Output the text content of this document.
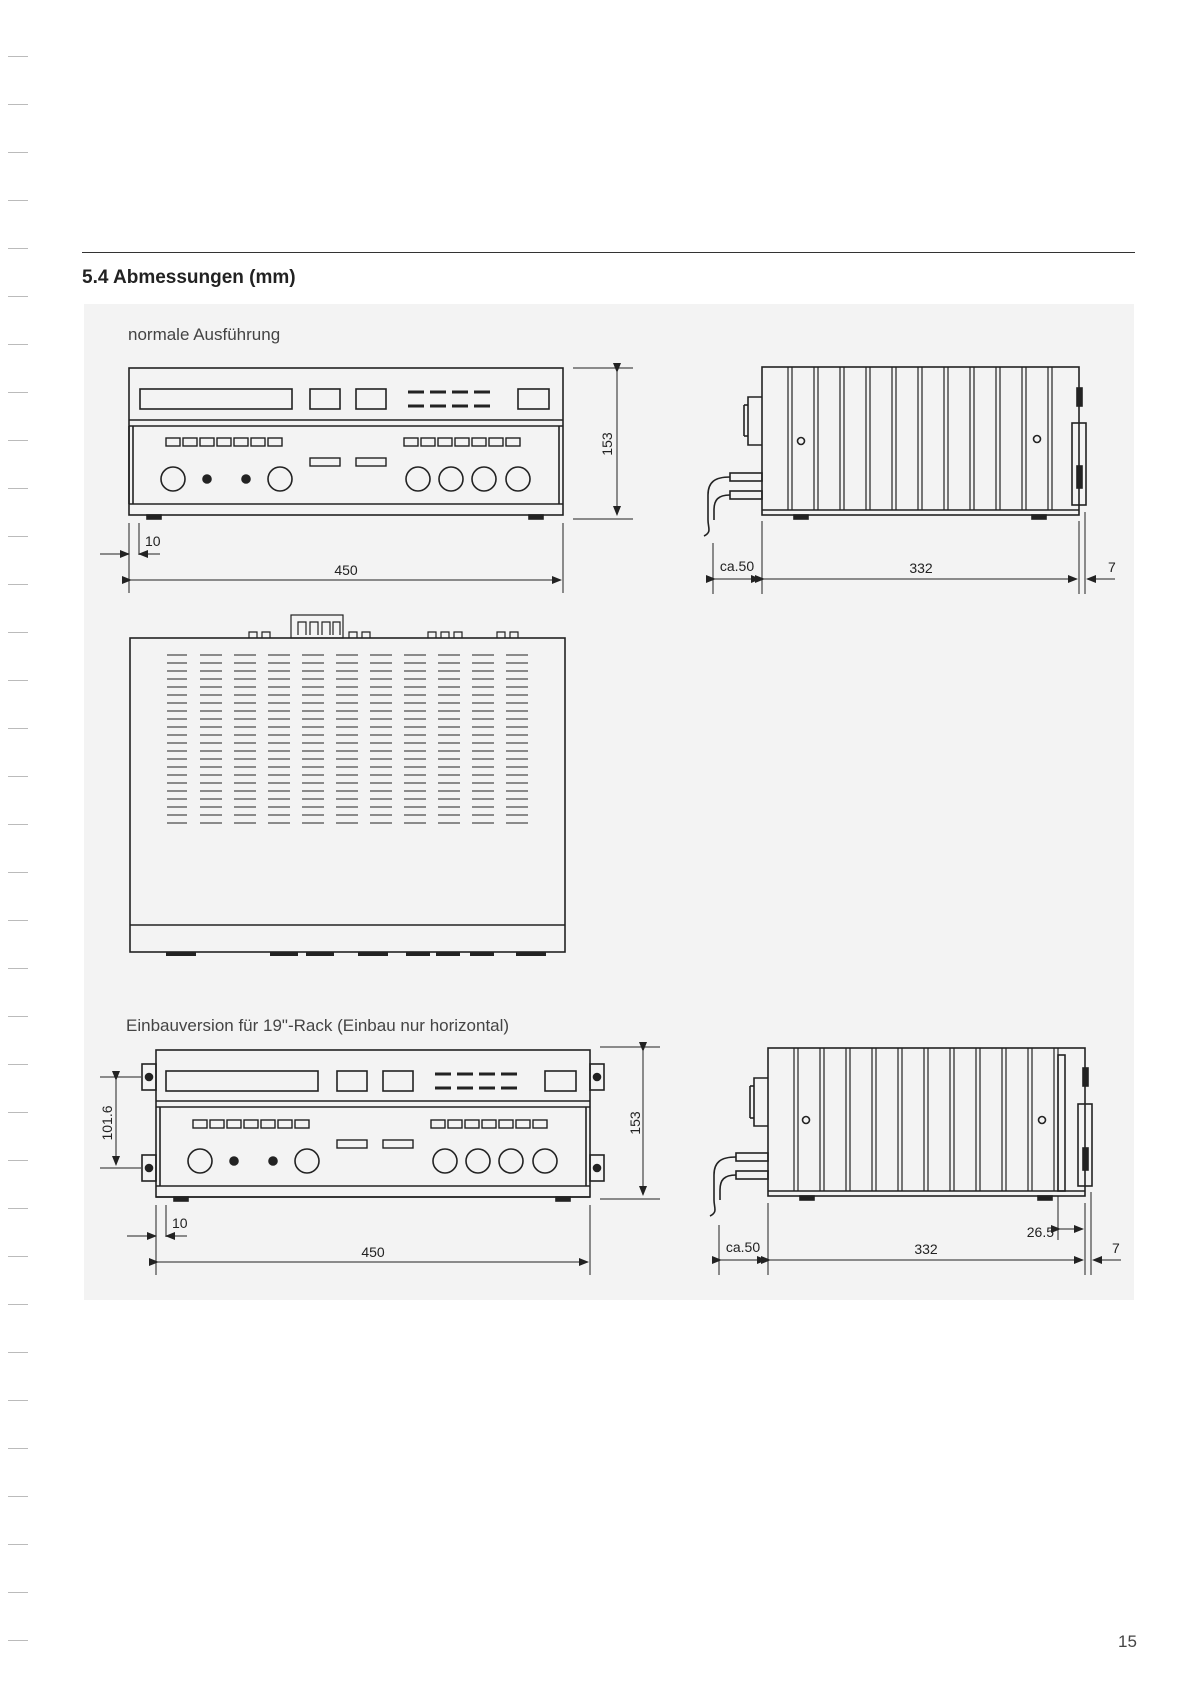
5.4 Abmessungen (mm)
normale Ausführung
Einbauversion für 19"-Rack (Einbau nur horizontal)
153
10
450	ca.50	332	7
101.6	153
10
450	ca.50	332
26.5
7
15
